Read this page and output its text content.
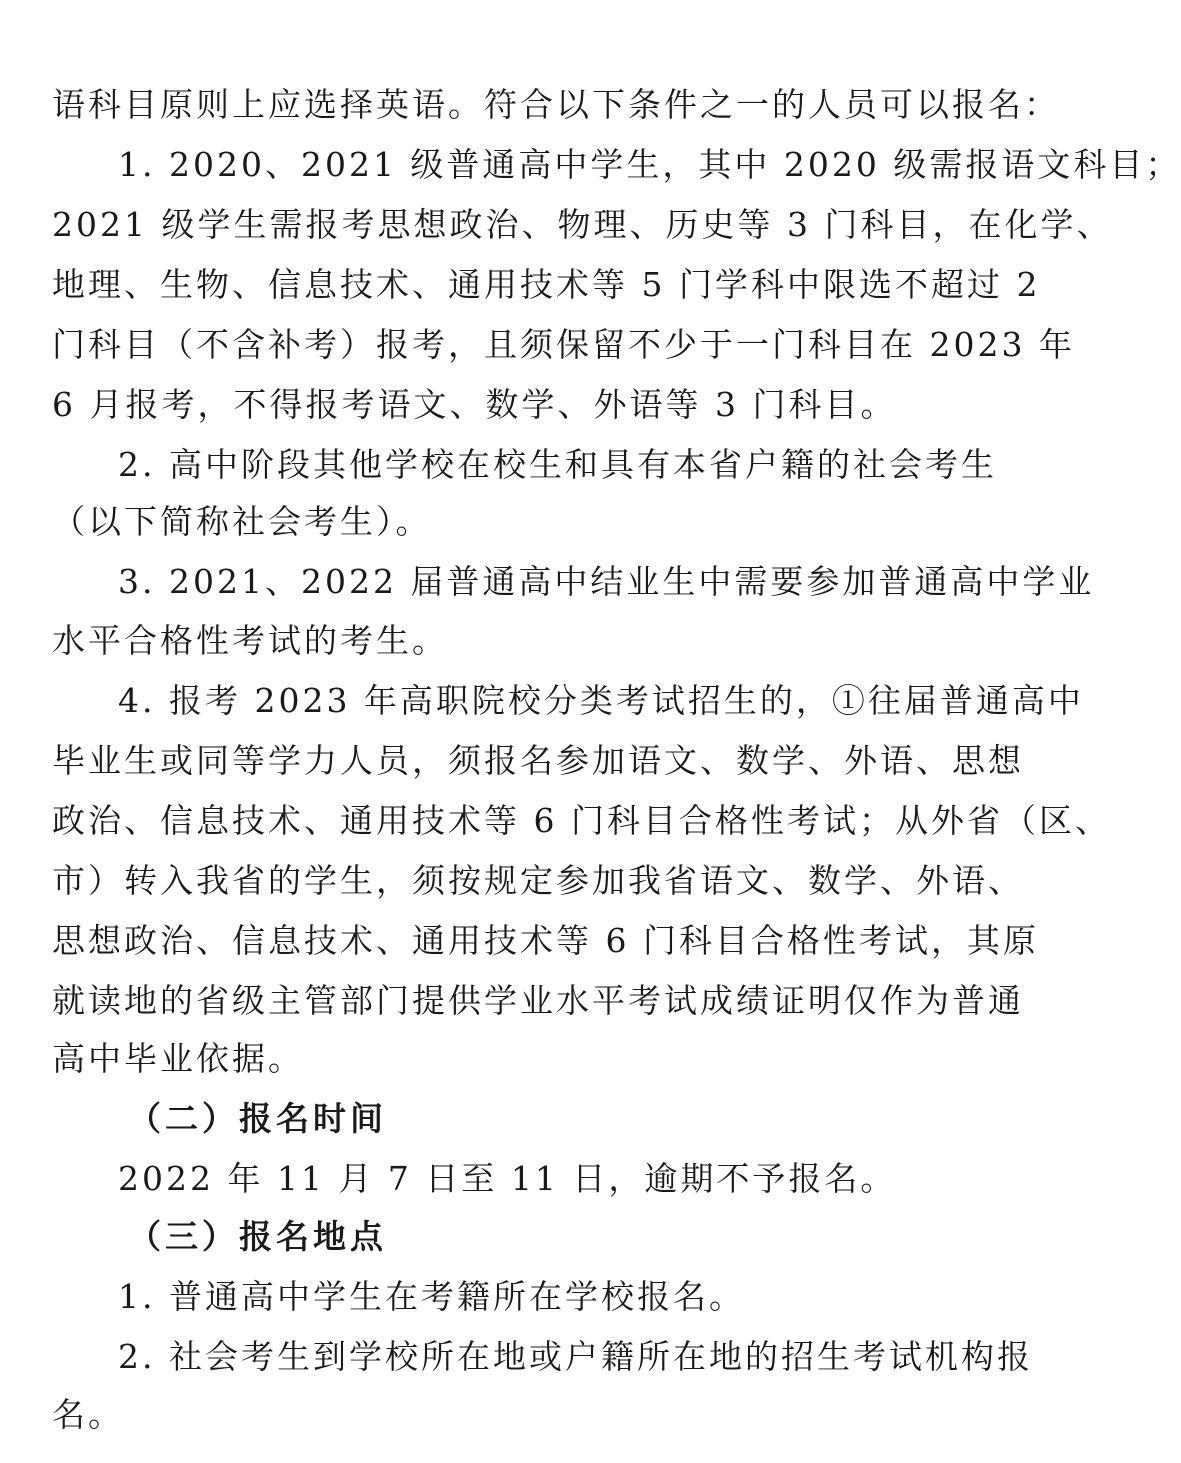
语科目原则上应选择英语。符合以下条件之一的人员可以报名：
1. 2020、2021 级普通高中学生，其中 2020 级需报语文科目；
2021 级学生需报考思想政治、物理、历史等 3 门科目，在化学、
地理、生物、信息技术、通用技术等 5 门学科中限选不超过 2
门科目（不含补考）报考，且须保留不少于一门科目在 2023 年
6 月报考，不得报考语文、数学、外语等 3 门科目。
2. 高中阶段其他学校在校生和具有本省户籍的社会考生
（以下简称社会考生）。
3. 2021、2022 届普通高中结业生中需要参加普通高中学业
水平合格性考试的考生。
4. 报考 2023 年高职院校分类考试招生的，①往届普通高中
毕业生或同等学力人员，须报名参加语文、数学、外语、思想
政治、信息技术、通用技术等 6 门科目合格性考试；从外省（区、
市）转入我省的学生，须按规定参加我省语文、数学、外语、
思想政治、信息技术、通用技术等 6 门科目合格性考试，其原
就读地的省级主管部门提供学业水平考试成绩证明仅作为普通
高中毕业依据。
（二）报名时间
2022 年 11 月 7 日至 11 日，逾期不予报名。
（三）报名地点
1. 普通高中学生在考籍所在学校报名。
2. 社会考生到学校所在地或户籍所在地的招生考试机构报
名。
